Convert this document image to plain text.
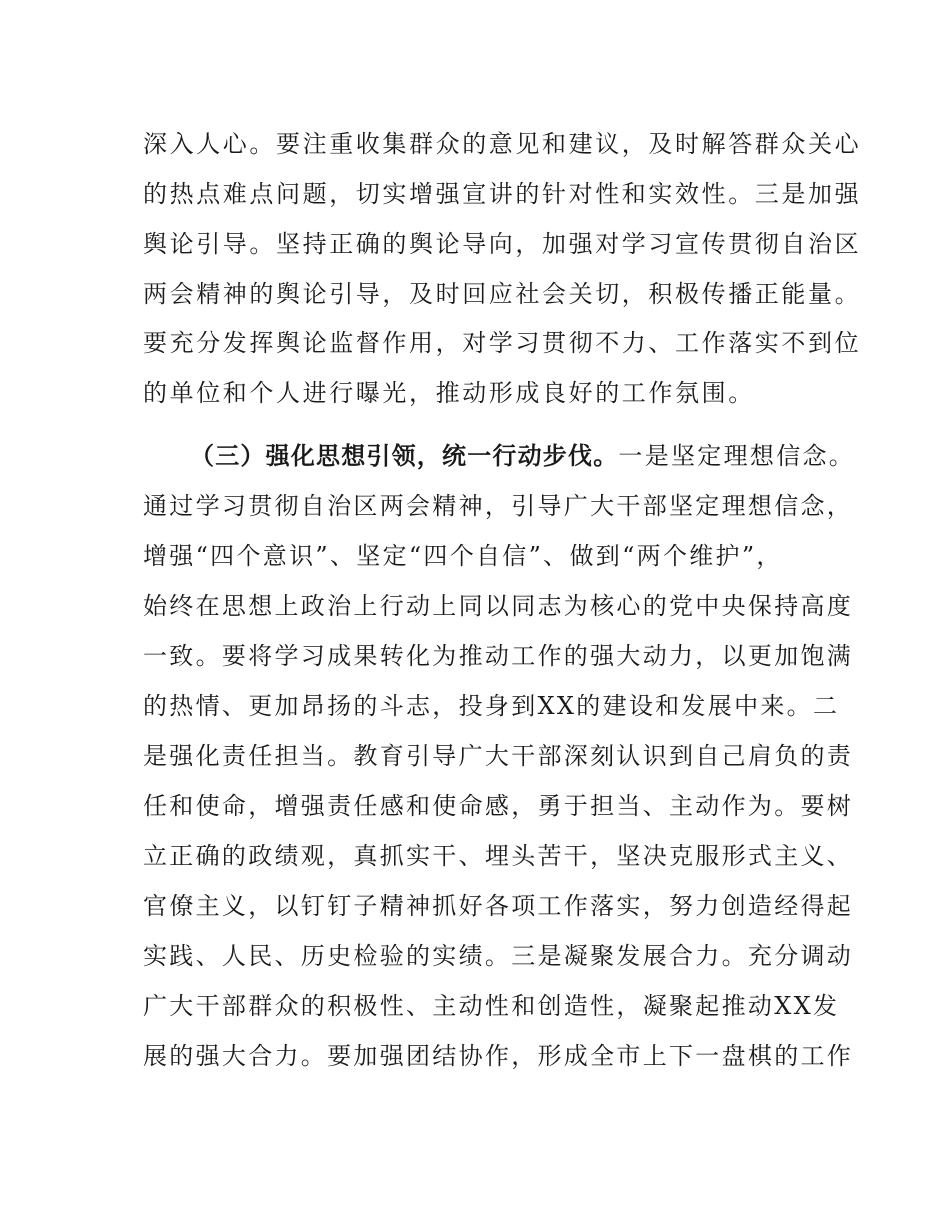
深入人心。要注重收集群众的意见和建议，及时解答群众关心
的热点难点问题，切实增强宣讲的针对性和实效性。三是加强
舆论引导。坚持正确的舆论导向，加强对学习宣传贯彻自治区
两会精神的舆论引导，及时回应社会关切，积极传播正能量。
要充分发挥舆论监督作用，对学习贯彻不力、工作落实不到位
的单位和个人进行曝光，推动形成良好的工作氛围。
（三）强化思想引领，统一行动步伐。一是坚定理想信念。
通过学习贯彻自治区两会精神，引导广大干部坚定理想信念，
增强“四个意识”、坚定“四个自信”、做到“两个维护”，
始终在思想上政治上行动上同以同志为核心的党中央保持高度
一致。要将学习成果转化为推动工作的强大动力，以更加饱满
的热情、更加昂扬的斗志，投身到XX的建设和发展中来。二
是强化责任担当。教育引导广大干部深刻认识到自己肩负的责
任和使命，增强责任感和使命感，勇于担当、主动作为。要树
立正确的政绩观，真抓实干、埋头苦干，坚决克服形式主义、
官僚主义，以钉钉子精神抓好各项工作落实，努力创造经得起
实践、人民、历史检验的实绩。三是凝聚发展合力。充分调动
广大干部群众的积极性、主动性和创造性，凝聚起推动XX发
展的强大合力。要加强团结协作，形成全市上下一盘棋的工作
